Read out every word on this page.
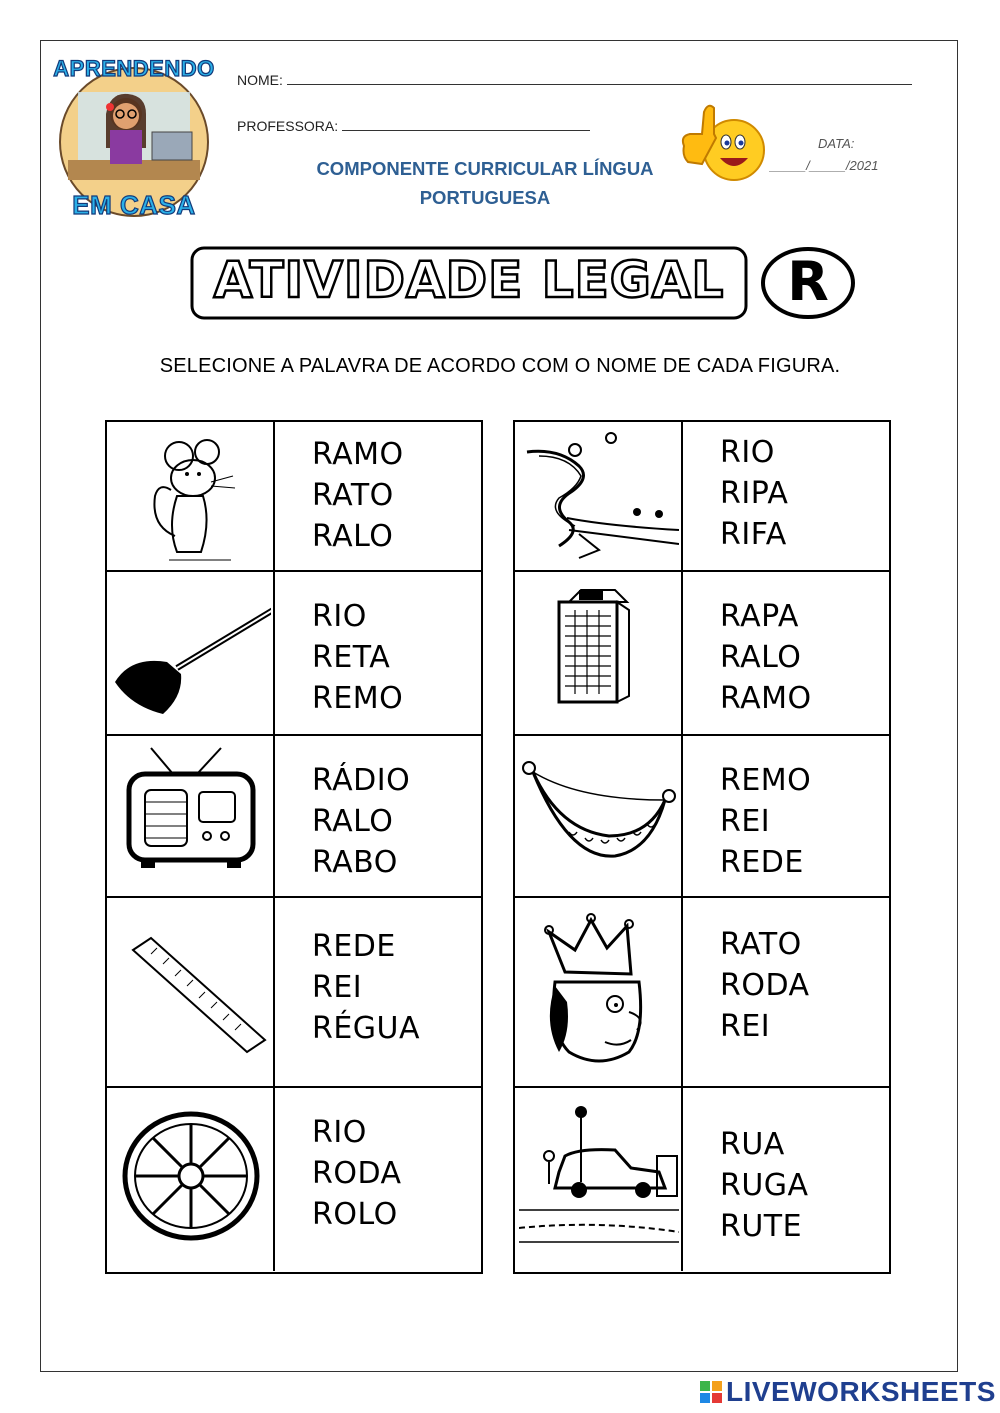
APRENDENDO
EM CASA
NOME:
PROFESSORA:
COMPONENTE CURRICULAR LÍNGUA
PORTUGUESA
DATA:
_____/_____/2021
ATIVIDADE LEGAL	R
SELECIONE A PALAVRA DE ACORDO COM O NOME DE CADA FIGURA.
RAMO
RATO
RALO
RIO
RETA
REMO
RÁDIO
RALO
RABO
REDE
REI
RÉGUA
RIO
RODA
ROLO
RIO
RIPA
RIFA
RAPA
RALO
RAMO
REMO
REI
REDE
RATO
RODA
REI
RUA
RUGA
RUTE
LIVEWORKSHEETS
